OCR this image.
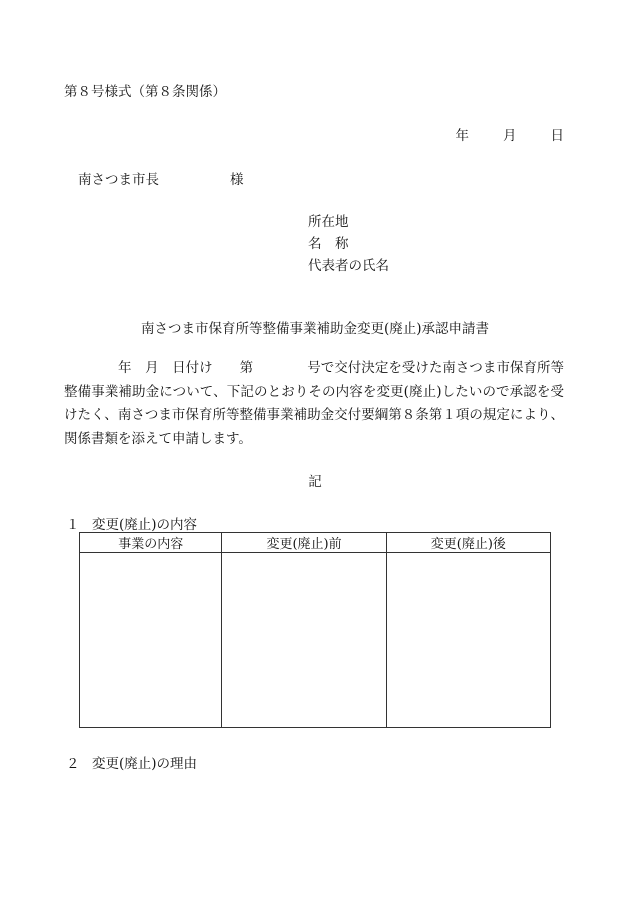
第８号様式（第８条関係）
年	月	日
南さつま市長	様
所在地
名　称
代表者の氏名
南さつま市保育所等整備事業補助金変更(廃止)承認申請書
　　　　年　月　日付け　　第　　　　号で交付決定を受けた南さつま市保育所等整備事業補助金について、下記のとおりその内容を変更(廃止)したいので承認を受けたく、南さつま市保育所等整備事業補助金交付要綱第８条第１項の規定により、関係書類を添えて申請します。
記
１ 変更(廃止)の内容
事業の内容	変更(廃止)前	変更(廃止)後

２ 変更(廃止)の理由
